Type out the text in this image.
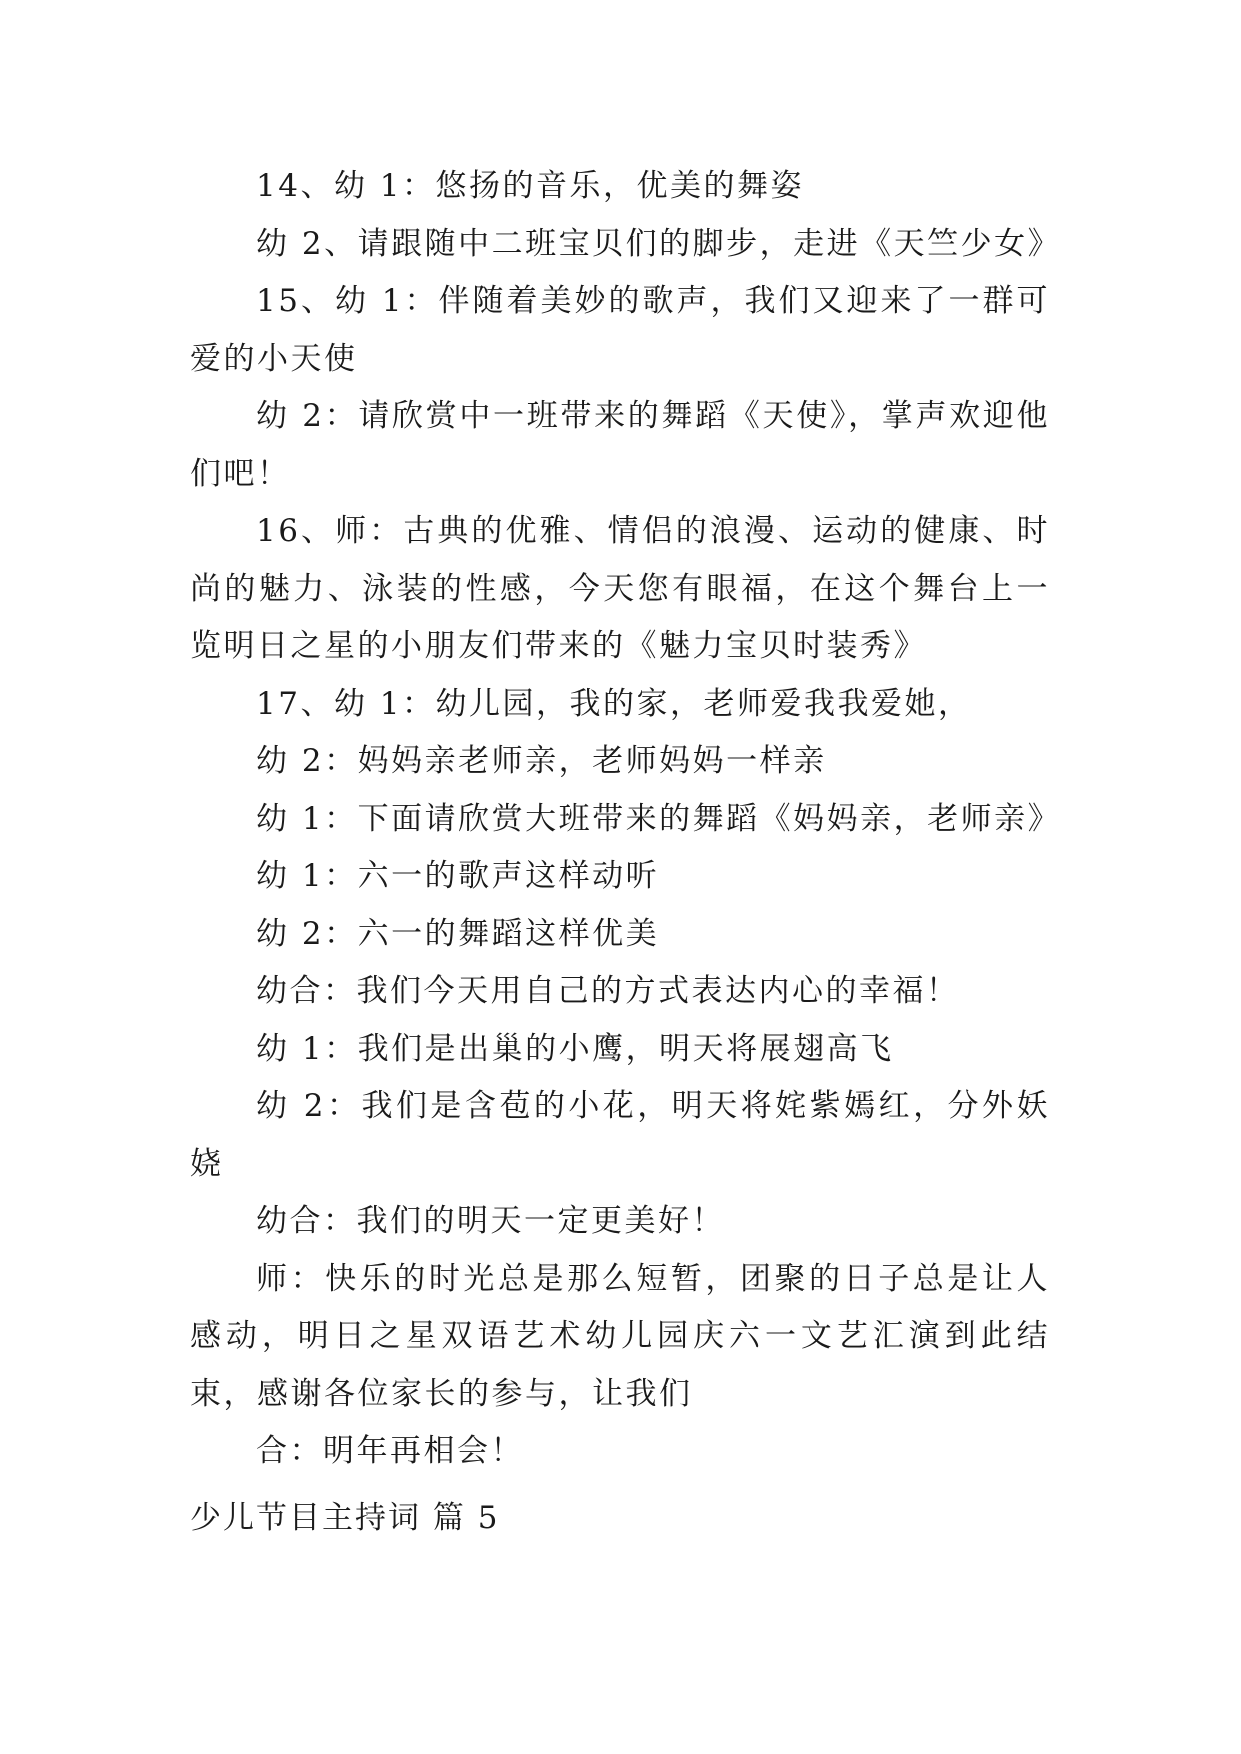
14、幼 1：悠扬的音乐，优美的舞姿

幼 2、请跟随中二班宝贝们的脚步，走进《天竺少女》

15、幼 1：伴随着美妙的歌声，我们又迎来了一群可爱的小天使

幼 2：请欣赏中一班带来的舞蹈《天使》，掌声欢迎他们吧！

16、师：古典的优雅、情侣的浪漫、运动的健康、时尚的魅力、泳装的性感，今天您有眼福，在这个舞台上一览明日之星的小朋友们带来的《魅力宝贝时装秀》

17、幼 1：幼儿园，我的家，老师爱我我爱她，

幼 2：妈妈亲老师亲，老师妈妈一样亲

幼 1：下面请欣赏大班带来的舞蹈《妈妈亲，老师亲》

幼 1：六一的歌声这样动听

幼 2：六一的舞蹈这样优美

幼合：我们今天用自己的方式表达内心的幸福！

幼 1：我们是出巢的小鹰，明天将展翅高飞

幼 2：我们是含苞的小花，明天将姹紫嫣红，分外妖娆

幼合：我们的明天一定更美好！

师：快乐的时光总是那么短暂，团聚的日子总是让人感动，明日之星双语艺术幼儿园庆六一文艺汇演到此结束，感谢各位家长的参与，让我们

合：明年再相会！

少儿节目主持词 篇 5
